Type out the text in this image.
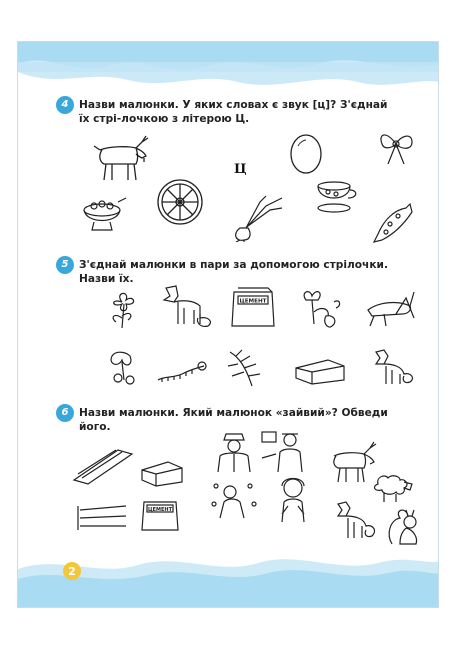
4 Назви малюнки. У яких словах є звук [ц]? З'єднай їх стрі-лочкою з літерою Ц.
Ц
5 З'єднай малюнки в пари за допомогою стрілочки. Назви їх.
ЦЕМЕНТ
6 Назви малюнки. Який малюнок «зайвий»? Обведи його.
ЦЕМЕНТ
2
